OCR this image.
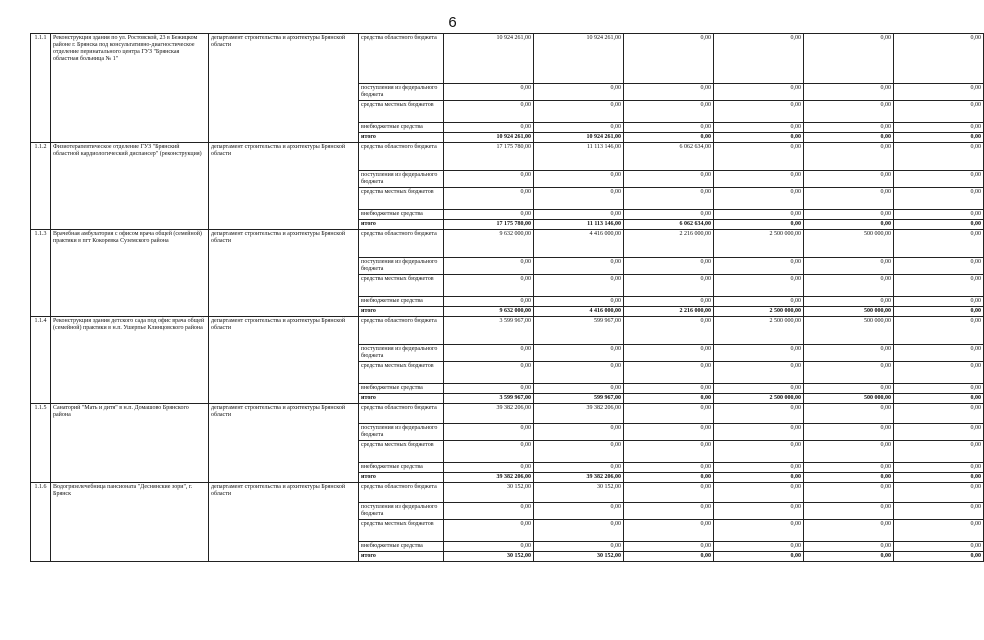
6
1.1.1	Реконструкция здания по ул. Ростовской, 23 в Бежицком районе г. Брянска под консультативно-диагностическое отделение перинатального центра ГУЗ "Брянская областная больница № 1"	департамент строительства и архитектуры Брянской области	средства областного бюджета	10 924 261,00	10 924 261,00	0,00	0,00	0,00	0,00
			поступления из федерального бюджета	0,00	0,00	0,00	0,00	0,00	0,00
			средства местных бюджетов	0,00	0,00	0,00	0,00	0,00	0,00
			внебюджетные средства	0,00	0,00	0,00	0,00	0,00	0,00
			итого	10 924 261,00	10 924 261,00	0,00	0,00	0,00	0,00
1.1.2	Физиотерапевтическое отделение ГУЗ "Брянский областной кардиологический диспансер" (реконструкция)	департамент строительства и архитектуры Брянской области	средства областного бюджета	17 175 780,00	11 113 146,00	6 062 634,00	0,00	0,00	0,00
			поступления из федерального бюджета	0,00	0,00	0,00	0,00	0,00	0,00
			средства местных бюджетов	0,00	0,00	0,00	0,00	0,00	0,00
			внебюджетные средства	0,00	0,00	0,00	0,00	0,00	0,00
			итого	17 175 780,00	11 113 146,00	6 062 634,00	0,00	0,00	0,00
1.1.3	Врачебная амбулатория с офисом врача общей (семейной) практики в пгт Кокоревка Суземского района	департамент строительства и архитектуры Брянской области	средства областного бюджета	9 632 000,00	4 416 000,00	2 216 000,00	2 500 000,00	500 000,00	0,00
			поступления из федерального бюджета	0,00	0,00	0,00	0,00	0,00	0,00
			средства местных бюджетов	0,00	0,00	0,00	0,00	0,00	0,00
			внебюджетные средства	0,00	0,00	0,00	0,00	0,00	0,00
			итого	9 632 000,00	4 416 000,00	2 216 000,00	2 500 000,00	500 000,00	0,00
1.1.4	Реконструкция здания детского сада под офис врача общей (семейной) практики в н.п. Ушерпье Клинцовского района	департамент строительства и архитектуры Брянской области	средства областного бюджета	3 599 967,00	599 967,00	0,00	2 500 000,00	500 000,00	0,00
			поступления из федерального бюджета	0,00	0,00	0,00	0,00	0,00	0,00
			средства местных бюджетов	0,00	0,00	0,00	0,00	0,00	0,00
			внебюджетные средства	0,00	0,00	0,00	0,00	0,00	0,00
			итого	3 599 967,00	599 967,00	0,00	2 500 000,00	500 000,00	0,00
1.1.5	Санаторий "Мать и дитя" в н.п. Домашово Брянского района	департамент строительства и архитектуры Брянской области	средства областного бюджета	39 382 206,00	39 382 206,00	0,00	0,00	0,00	0,00
			поступления из федерального бюджета	0,00	0,00	0,00	0,00	0,00	0,00
			средства местных бюджетов	0,00	0,00	0,00	0,00	0,00	0,00
			внебюджетные средства	0,00	0,00	0,00	0,00	0,00	0,00
			итого	39 382 206,00	39 382 206,00	0,00	0,00	0,00	0,00
1.1.6	Водогрязелечебница пансионата "Деснянские зори", г. Брянск	департамент строительства и архитектуры Брянской области	средства областного бюджета	30 152,00	30 152,00	0,00	0,00	0,00	0,00
			поступления из федерального бюджета	0,00	0,00	0,00	0,00	0,00	0,00
			средства местных бюджетов	0,00	0,00	0,00	0,00	0,00	0,00
			внебюджетные средства	0,00	0,00	0,00	0,00	0,00	0,00
			итого	30 152,00	30 152,00	0,00	0,00	0,00	0,00
